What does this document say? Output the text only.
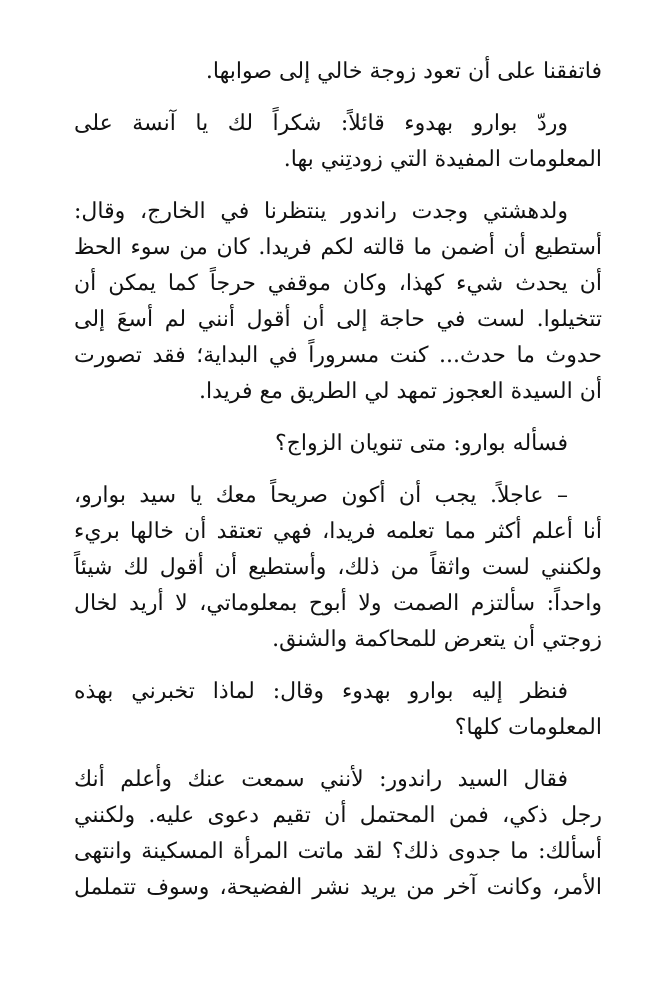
فاتفقنا على أن تعود زوجة خالي إلى صوابها.
وردّ بوارو بهدوء قائلاً: شكراً لك يا آنسة على
المعلومات المفيدة التي زودتِني بها.
ولدهشتي وجدت راندور ينتظرنا في الخارج، وقال:
أستطيع أن أضمن ما قالته لكم فريدا. كان من سوء الحظ
أن يحدث شيء كهذا، وكان موقفي حرجاً كما يمكن أن
تتخيلوا. لست في حاجة إلى أن أقول أنني لم أسعَ إلى
حدوث ما حدث... كنت مسروراً في البداية؛ فقد تصورت
أن السيدة العجوز تمهد لي الطريق مع فريدا.
فسأله بوارو: متى تنويان الزواج؟
– عاجلاً. يجب أن أكون صريحاً معك يا سيد بوارو،
أنا أعلم أكثر مما تعلمه فريدا، فهي تعتقد أن خالها بريء
ولكنني لست واثقاً من ذلك، وأستطيع أن أقول لك شيئاً
واحداً: سألتزم الصمت ولا أبوح بمعلوماتي، لا أريد لخال
زوجتي أن يتعرض للمحاكمة والشنق.
فنظر إليه بوارو بهدوء وقال: لماذا تخبرني بهذه
المعلومات كلها؟
فقال السيد راندور: لأنني سمعت عنك وأعلم أنك
رجل ذكي، فمن المحتمل أن تقيم دعوى عليه. ولكنني
أسألك: ما جدوى ذلك؟ لقد ماتت المرأة المسكينة وانتهى
الأمر، وكانت آخر من يريد نشر الفضيحة، وسوف تتململ
